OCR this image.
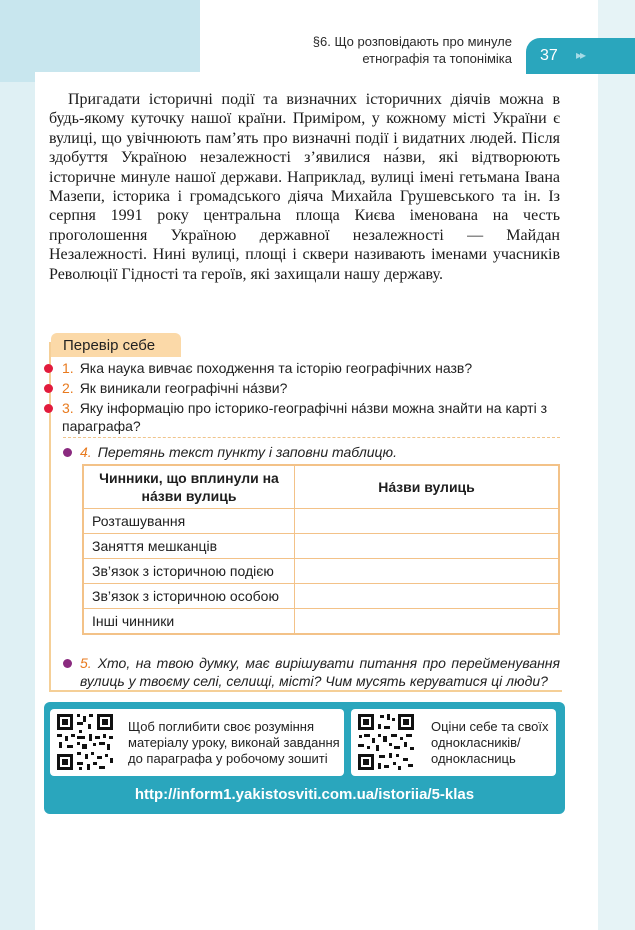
§6. Що розповідають про минуле
етнографія та топоніміка 37 ▸▸
Пригадати історичні події та визначних історичних діячів можна в будь-якому куточку нашої країни. Приміром, у кожному місті України є вулиці, що увічнюють пам’ять про визначні події і видатних людей. Після здобуття Україною незалежності з’явилися на́зви, які відтворюють історичне минуле нашої держави. Наприклад, вулиці імені гетьмана Івана Мазепи, історика і громадського діяча Михайла Грушевського та ін. Із серпня 1991 року центральна площа Києва іменована на честь проголошення Україною державної незалежності — Майдан Незалежності. Нині вулиці, площі і сквери називають іменами учасників Революції Гідності та героїв, які захищали нашу державу.
Перевір себе
1. Яка наука вивчає походження та історію географічних назв?
2. Як виникали географічні на́зви?
3. Яку інформацію про історико-географічні на́зви можна знайти на карті з параграфа?
4. Перетянь текст пункту і заповни таблицю.
Чинники, що вплинули на на́зви вулиць	На́зви вулиць
Розташування	
Заняття мешканців	
Зв’язок з історичною подією	
Зв’язок з історичною особою	
Інші чинники	
5. Хто, на твою думку, має вирішувати питання про перейменування вулиць у твоєму селі, селищі, місті? Чим мусять керуватися ці люди?
Щоб поглибити своє розуміння матеріалу уроку, виконай завдання до параграфа у робочому зошиті
Оціни себе та своїх однокласників/ однокласниць
http://inform1.yakistosviti.com.ua/istoriia/5-klas
